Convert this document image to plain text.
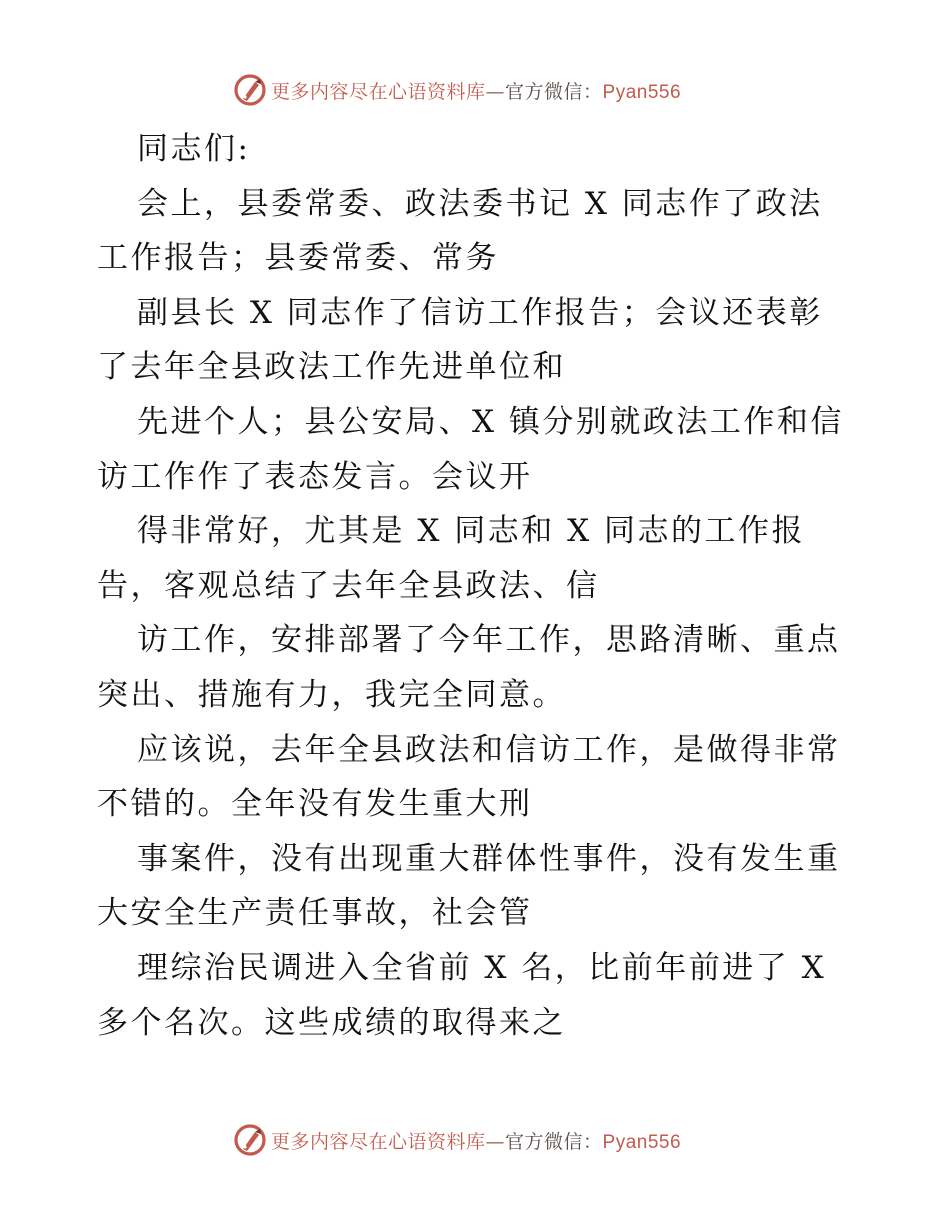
更多内容尽在心语资料库—官方微信：Pyan556
同志们:
会上，县委常委、政法委书记 X 同志作了政法
工作报告；县委常委、常务
副县长 X 同志作了信访工作报告；会议还表彰
了去年全县政法工作先进单位和
先进个人；县公安局、X 镇分别就政法工作和信
访工作作了表态发言。会议开
得非常好，尤其是 X 同志和 X 同志的工作报
告，客观总结了去年全县政法、信
访工作，安排部署了今年工作，思路清晰、重点
突出、措施有力，我完全同意。
应该说，去年全县政法和信访工作，是做得非常
不错的。全年没有发生重大刑
事案件，没有出现重大群体性事件，没有发生重
大安全生产责任事故，社会管
理综治民调进入全省前 X 名，比前年前进了 X
多个名次。这些成绩的取得来之
更多内容尽在心语资料库—官方微信：Pyan556
